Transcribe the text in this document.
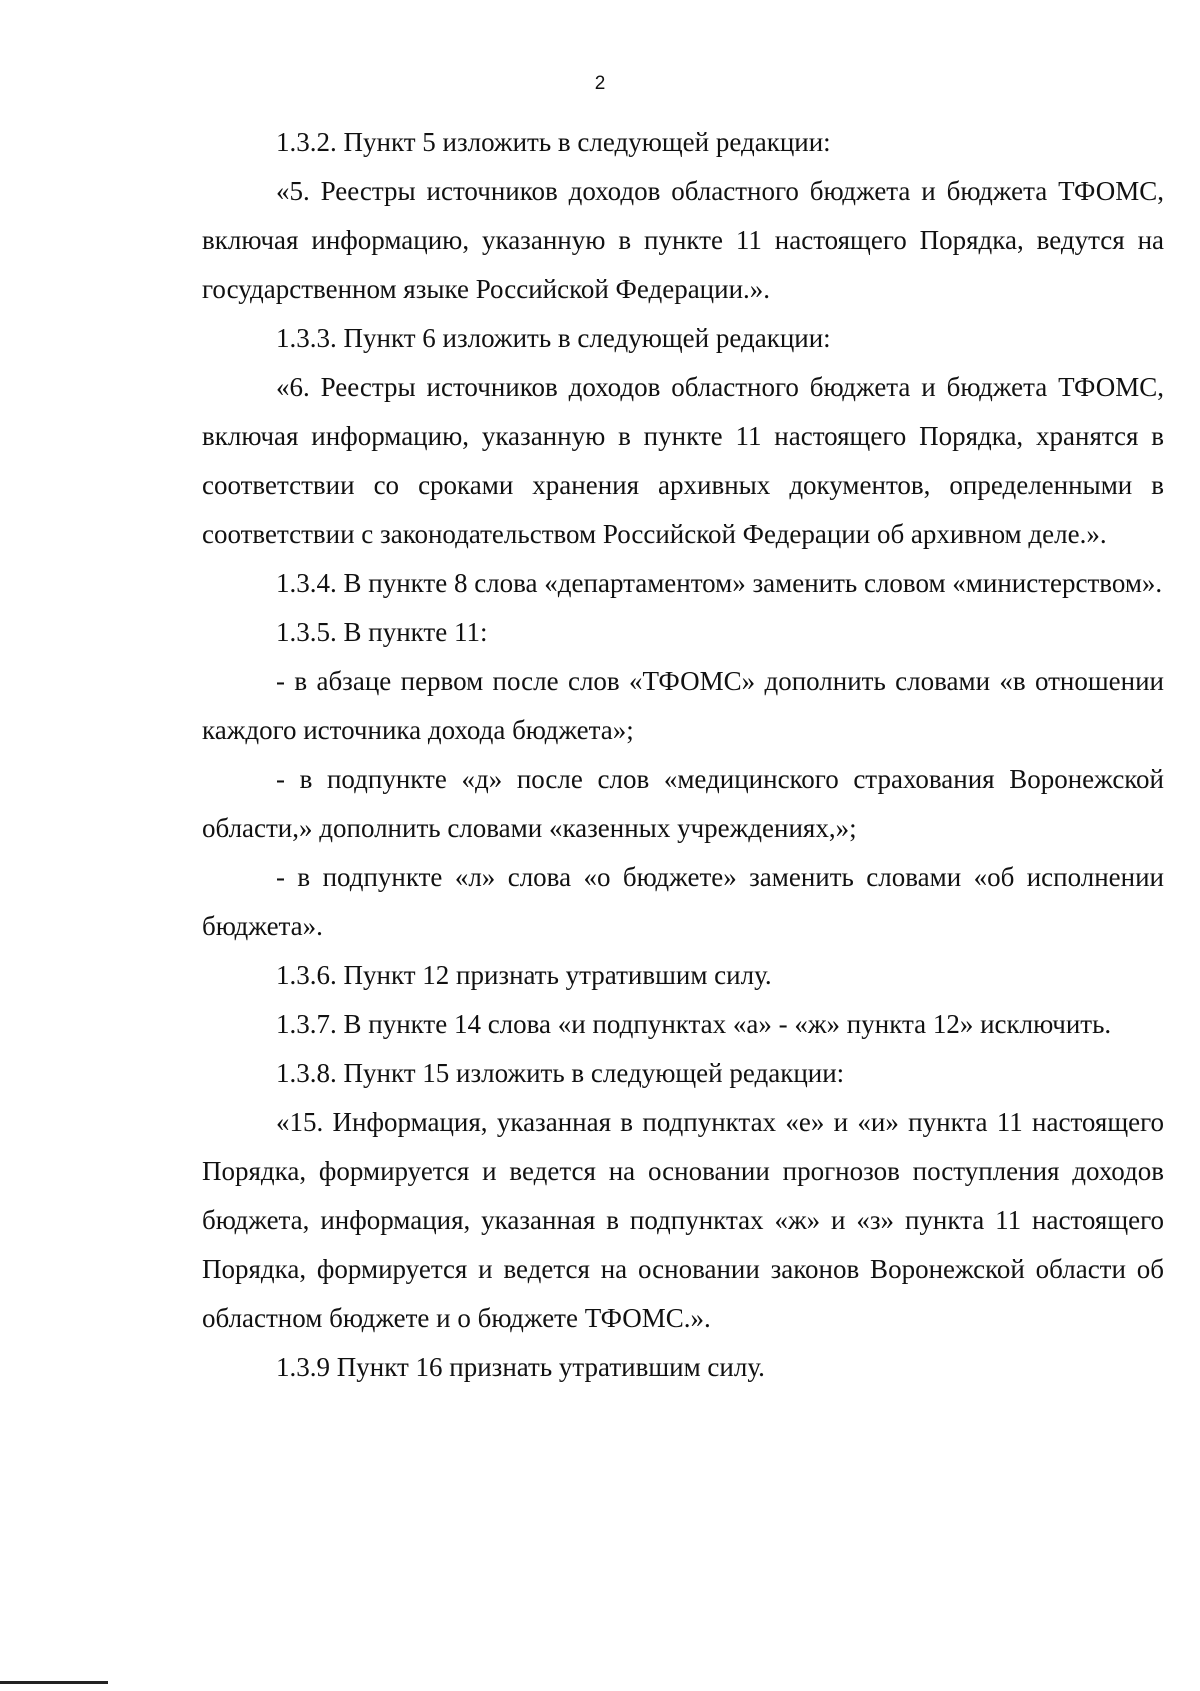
2

1.3.2. Пункт 5 изложить в следующей редакции:

«5. Реестры источников доходов областного бюджета и бюджета ТФОМС, включая информацию, указанную в пункте 11 настоящего Порядка, ведутся на государственном языке Российской Федерации.».

1.3.3. Пункт 6 изложить в следующей редакции:

«6. Реестры источников доходов областного бюджета и бюджета ТФОМС, включая информацию, указанную в пункте 11 настоящего Порядка, хранятся в соответствии со сроками хранения архивных документов, определенными в соответствии с законодательством Российской Федерации об архивном деле.».

1.3.4. В пункте 8 слова «департаментом» заменить словом «министерством».

1.3.5. В пункте 11:

- в абзаце первом после слов «ТФОМС» дополнить словами «в отношении каждого источника дохода бюджета»;

- в подпункте «д» после слов «медицинского страхования Воронежской области,» дополнить словами «казенных учреждениях,»;

- в подпункте «л» слова «о бюджете» заменить словами «об исполнении бюджета».

1.3.6. Пункт 12 признать утратившим силу.

1.3.7. В пункте 14 слова «и подпунктах «а» - «ж» пункта 12» исключить.

1.3.8. Пункт 15 изложить в следующей редакции:

«15. Информация, указанная в подпунктах «е» и «и» пункта 11 настоящего Порядка, формируется и ведется на основании прогнозов поступления доходов бюджета, информация, указанная в подпунктах «ж» и «з» пункта 11 настоящего Порядка, формируется и ведется на основании законов Воронежской области об областном бюджете и о бюджете ТФОМС.».

1.3.9 Пункт 16 признать утратившим силу.
